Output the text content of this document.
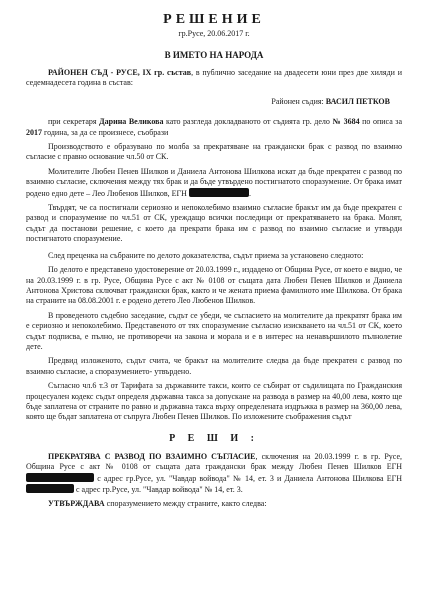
РЕШЕНИЕ
гр.Русе, 20.06.2017 г.
В ИМЕТО НА НАРОДА

РАЙОНЕН СЪД - РУСЕ, IX гр. състав, в публично заседание на двадесети юни през две хиляди и седемнадесета година в състав:

Районен съдия: ВАСИЛ ПЕТКОВ

при секретаря Дарина Великова като разгледа докладваното от съдията гр. дело № 3684 по описа за 2017 година, за да се произнесе, съобрази

Производството е образувано по молба за прекратяване на граждански брак с развод по взаимно съгласие с правно основание чл.50 от СК.

Молителите Любен Пенев Шилков и Даниела Антонова Шилкова искат да бъде прекратен с развод по взаимно съгласие, сключения между тях брак и да бъде утвърдено постигнатото споразумение. От брака имат родено едно дете – Лео Любенов Шилков, ЕГН	.

Твърдят, че са постигнали сериозно и непоколебимо взаимно съгласие бракът им да бъде прекратен с развод и споразумение по чл.51 от СК, уреждащо всички последици от прекратяването на брака. Молят, съдът да постанови решение, с което да прекрати брака им с развод по взаимно съгласие и утвърди постигнатото споразумение.

След преценка на събраните по делото доказателства, съдът приема за установено следното:

По делото е представено удостоверение от 20.03.1999 г., издадено от Община Русе, от което е видно, че на 20.03.1999 г. в гр. Русе, Община Русе с акт № 0108 от същата дата Любен Пенев Шилков и Даниела Антонова Христова сключват граждански брак, както и че жената приема фамилното име Шилкова. От брака на страните на 08.08.2001 г. е родено детето Лео Любенов Шилков.

В проведеното съдебно заседание, съдът се убеди, че съгласието на молителите да прекратят брака им е сериозно и непоколебимо. Представеното от тях споразумение съгласно изискването на чл.51 от СК, което съдът подписва, е пълно, не противоречи на закона и морала и е в интерес на ненавършилото пълнолетие дете.

Предвид изложеното, съдът счита, че бракът на молителите следва да бъде прекратен с развод по взаимно съгласие, а споразумението- утвърдено.

Съгласно чл.6 т.3 от Тарифата за държавните такси, които се събират от съдилищата по Гражданския процесуален кодекс съдът определя държавна такса за допускане на развода в размер на 40,00 лева, която ще бъде заплатена от страните по равно и държавна такса върху определената издръжка в размер на 360,00 лева, която ще бъдат заплатена от съпруга Любен Пенев Шилков. По изложените съображения съдът

Р Е Ш И :

ПРЕКРАТЯВА С РАЗВОД ПО ВЗАИМНО СЪГЛАСИЕ, сключения на 20.03.1999 г. в гр. Русе, Община Русе с акт № 0108 от същата дата граждански брак между Любен Пенев Шилков ЕГН  с адрес гр.Русе, ул. "Чавдар войвода" № 14, ет. 3 и Даниела Антонова Шилкова ЕГН  с адрес гр.Русе, ул. "Чавдар войвода" № 14, ет. 3.

УТВЪРЖДАВА споразумението между страните, както следва:
